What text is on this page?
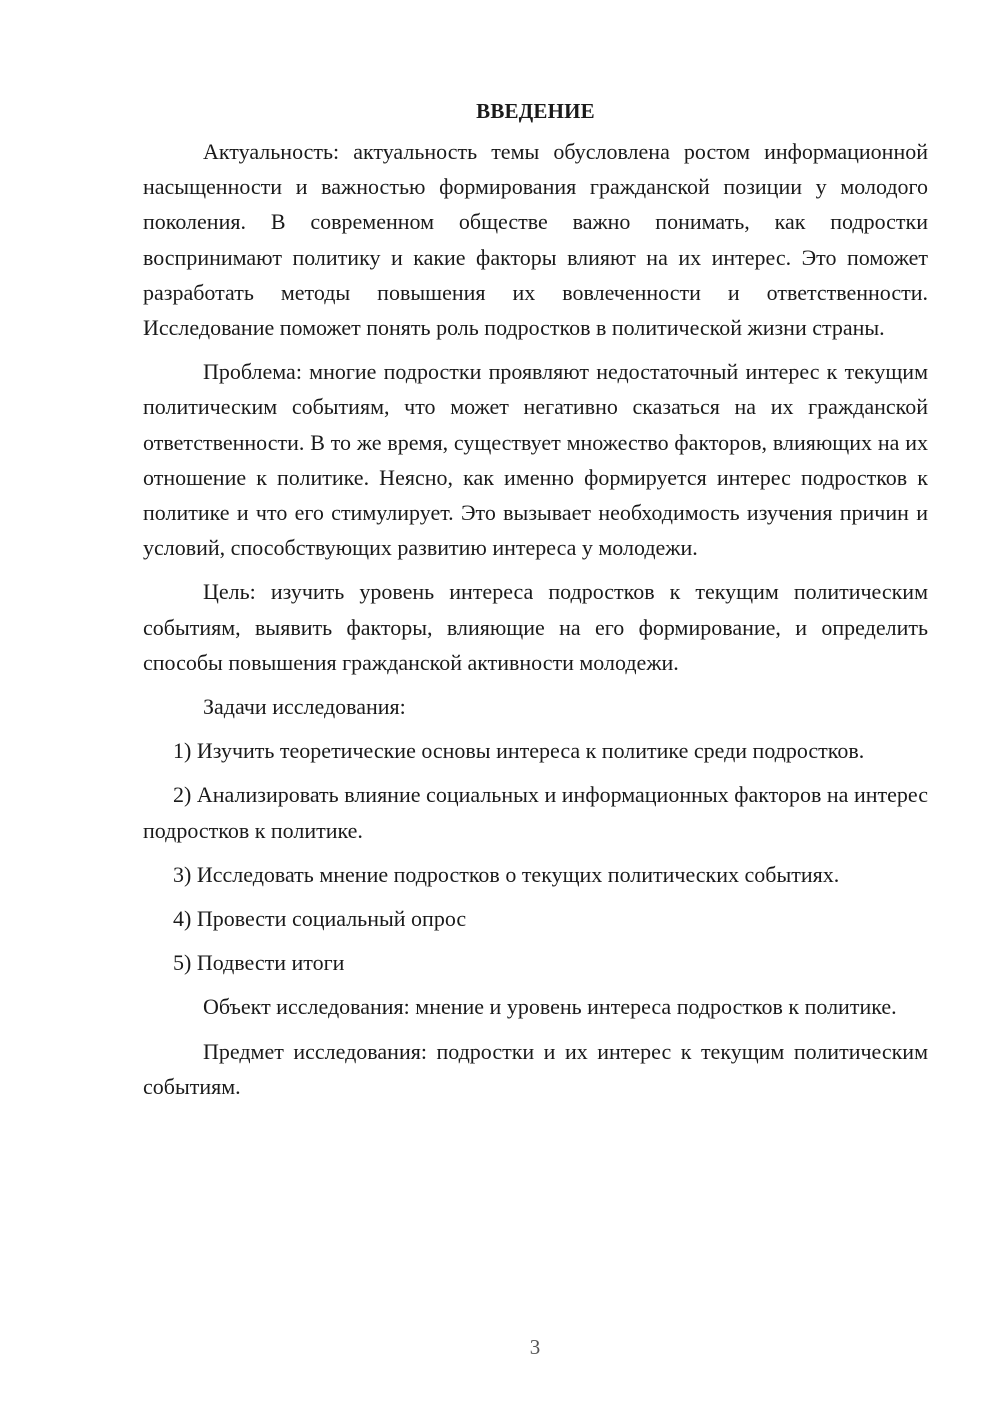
ВВЕДЕНИЕ

Актуальность: актуальность темы обусловлена ростом информационной насыщенности и важностью формирования гражданской позиции у молодого поколения. В современном обществе важно понимать, как подростки воспринимают политику и какие факторы влияют на их интерес. Это поможет разработать методы повышения их вовлеченности и ответственности. Исследование поможет понять роль подростков в политической жизни страны.

Проблема: многие подростки проявляют недостаточный интерес к текущим политическим событиям, что может негативно сказаться на их гражданской ответственности. В то же время, существует множество факторов, влияющих на их отношение к политике. Неясно, как именно формируется интерес подростков к политике и что его стимулирует. Это вызывает необходимость изучения причин и условий, способствующих развитию интереса у молодежи.

Цель: изучить уровень интереса подростков к текущим политическим событиям, выявить факторы, влияющие на его формирование, и определить способы повышения гражданской активности молодежи.

Задачи исследования:

1) Изучить теоретические основы интереса к политике среди подростков.

2) Анализировать влияние социальных и информационных факторов на интерес подростков к политике.

3) Исследовать мнение подростков о текущих политических событиях.

4) Провести социальный опрос

5) Подвести итоги

Объект исследования: мнение и уровень интереса подростков к политике.

Предмет исследования: подростки и их интерес к текущим политическим событиям.

3
